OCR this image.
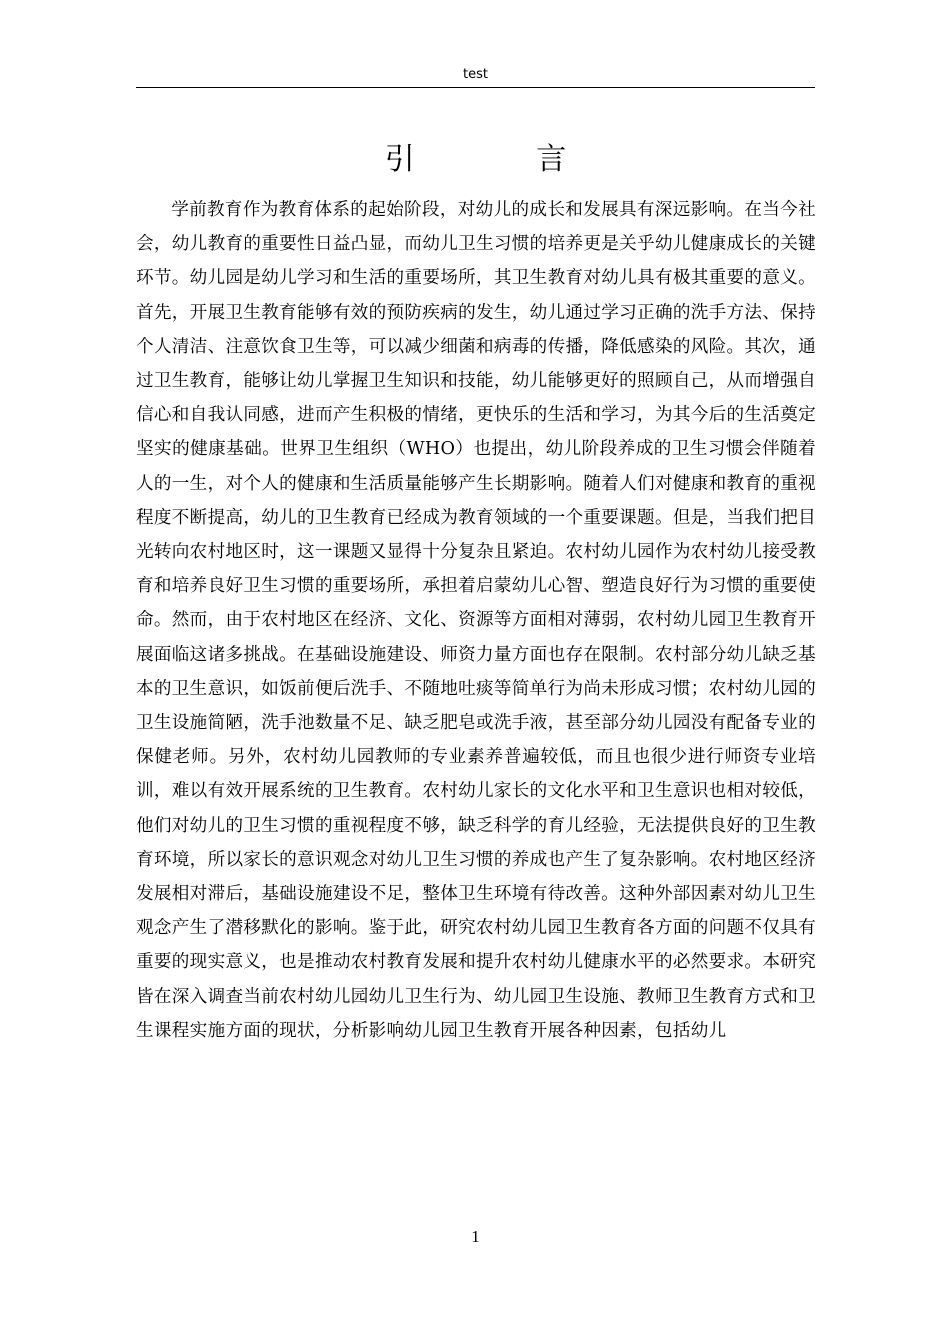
test
引 言

学前教育作为教育体系的起始阶段，对幼儿的成长和发展具有深远影响。在当今社会，幼儿教育的重要性日益凸显，而幼儿卫生习惯的培养更是关乎幼儿健康成长的关键环节。幼儿园是幼儿学习和生活的重要场所，其卫生教育对幼儿具有极其重要的意义。首先，开展卫生教育能够有效的预防疾病的发生，幼儿通过学习正确的洗手方法、保持个人清洁、注意饮食卫生等，可以减少细菌和病毒的传播，降低感染的风险。其次，通过卫生教育，能够让幼儿掌握卫生知识和技能，幼儿能够更好的照顾自己，从而增强自信心和自我认同感，进而产生积极的情绪，更快乐的生活和学习，为其今后的生活奠定坚实的健康基础。世界卫生组织（WHO）也提出，幼儿阶段养成的卫生习惯会伴随着人的一生，对个人的健康和生活质量能够产生长期影响。随着人们对健康和教育的重视程度不断提高，幼儿的卫生教育已经成为教育领域的一个重要课题。但是，当我们把目光转向农村地区时，这一课题又显得十分复杂且紧迫。农村幼儿园作为农村幼儿接受教育和培养良好卫生习惯的重要场所，承担着启蒙幼儿心智、塑造良好行为习惯的重要使命。然而，由于农村地区在经济、文化、资源等方面相对薄弱，农村幼儿园卫生教育开展面临这诸多挑战。在基础设施建设、师资力量方面也存在限制。农村部分幼儿缺乏基本的卫生意识，如饭前便后洗手、不随地吐痰等简单行为尚未形成习惯；农村幼儿园的卫生设施简陋，洗手池数量不足、缺乏肥皂或洗手液，甚至部分幼儿园没有配备专业的保健老师。另外，农村幼儿园教师的专业素养普遍较低，而且也很少进行师资专业培训，难以有效开展系统的卫生教育。农村幼儿家长的文化水平和卫生意识也相对较低，他们对幼儿的卫生习惯的重视程度不够，缺乏科学的育儿经验，无法提供良好的卫生教育环境，所以家长的意识观念对幼儿卫生习惯的养成也产生了复杂影响。农村地区经济发展相对滞后，基础设施建设不足，整体卫生环境有待改善。这种外部因素对幼儿卫生观念产生了潜移默化的影响。鉴于此，研究农村幼儿园卫生教育各方面的问题不仅具有重要的现实意义，也是推动农村教育发展和提升农村幼儿健康水平的必然要求。本研究皆在深入调查当前农村幼儿园幼儿卫生行为、幼儿园卫生设施、教师卫生教育方式和卫生课程实施方面的现状，分析影响幼儿园卫生教育开展各种因素，包括幼儿

1
